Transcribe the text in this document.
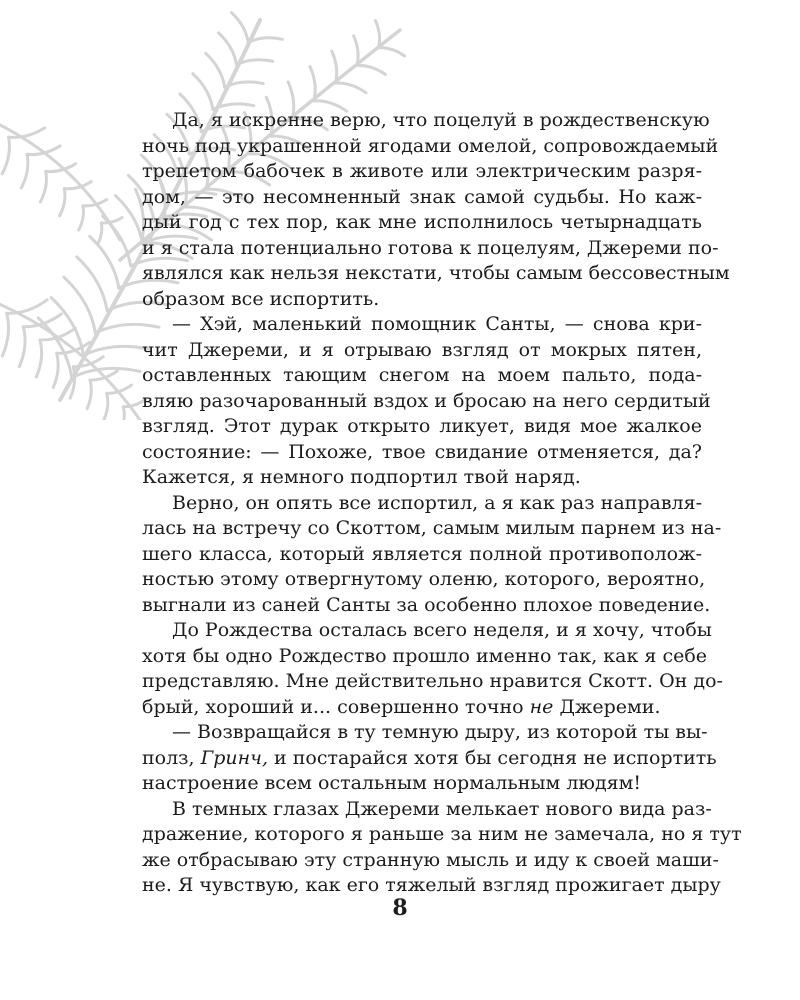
Да, я искренне верю, что поцелуй в рождественскую
ночь под украшенной ягодами омелой, сопровождаемый
трепетом бабочек в животе или электрическим разря-
дом, — это несомненный знак самой судьбы. Но каж-
дый год с тех пор, как мне исполнилось четырнадцать
и я стала потенциально готова к поцелуям, Джереми по-
являлся как нельзя некстати, чтобы самым бессовестным
образом все испортить.
— Хэй, маленький помощник Санты, — снова кри-
чит Джереми, и я отрываю взгляд от мокрых пятен,
оставленных тающим снегом на моем пальто, пода-
вляю разочарованный вздох и бросаю на него сердитый
взгляд. Этот дурак открыто ликует, видя мое жалкое
состояние: — Похоже, твое свидание отменяется, да?
Кажется, я немного подпортил твой наряд.
Верно, он опять все испортил, а я как раз направля-
лась на встречу со Скоттом, самым милым парнем из на-
шего класса, который является полной противополож-
ностью этому отвергнутому оленю, которого, вероятно,
выгнали из саней Санты за особенно плохое поведение.
До Рождества осталась всего неделя, и я хочу, чтобы
хотя бы одно Рождество прошло именно так, как я себе
представляю. Мне действительно нравится Скотт. Он до-
брый, хороший и... совершенно точно не Джереми.
— Возвращайся в ту темную дыру, из которой ты вы-
полз, Гринч, и постарайся хотя бы сегодня не испортить
настроение всем остальным нормальным людям!
В темных глазах Джереми мелькает нового вида раз-
дражение, которого я раньше за ним не замечала, но я тут
же отбрасываю эту странную мысль и иду к своей маши-
не. Я чувствую, как его тяжелый взгляд прожигает дыру
8
